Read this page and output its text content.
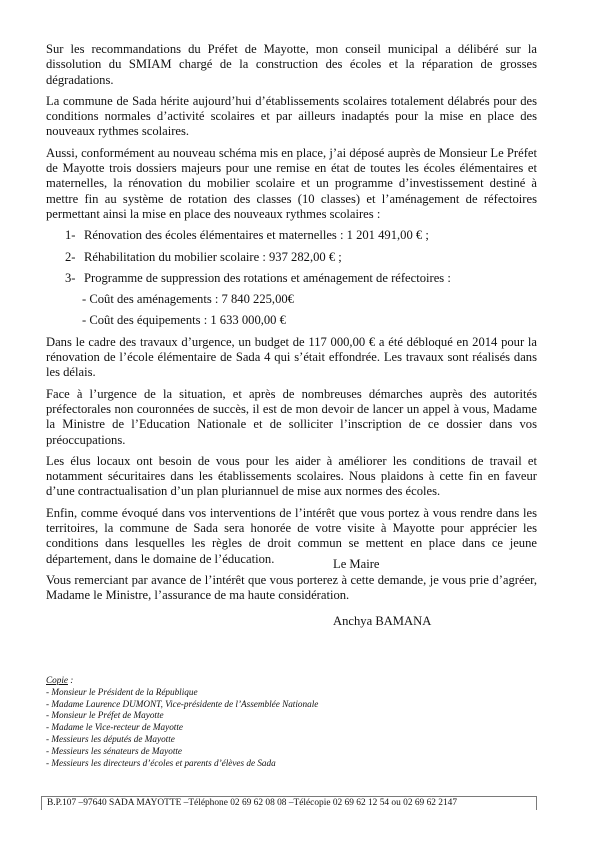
Sur les recommandations du Préfet de Mayotte, mon conseil municipal a délibéré sur la dissolution du SMIAM chargé de la construction des écoles et la réparation de grosses dégradations.

La commune de Sada hérite aujourd’hui d’établissements scolaires totalement délabrés pour des conditions normales d’activité scolaires et par ailleurs inadaptés pour la mise en place des nouveaux rythmes scolaires.

Aussi, conformément au nouveau schéma mis en place, j’ai déposé auprès de Monsieur Le Préfet de Mayotte trois dossiers majeurs pour une remise en état de toutes les écoles élémentaires et maternelles, la rénovation du mobilier scolaire et un programme d’investissement destiné à mettre fin au système de rotation des classes (10 classes) et l’aménagement de réfectoires permettant ainsi la mise en place des nouveaux rythmes scolaires :

1- Rénovation des écoles élémentaires et maternelles : 1 201 491,00 € ;
2- Réhabilitation du mobilier scolaire : 937 282,00 € ;
3- Programme de suppression des rotations et aménagement de réfectoires :
- Coût des aménagements : 7 840 225,00€
- Coût des équipements : 1 633 000,00 €

Dans le cadre des travaux d’urgence, un budget de 117 000,00 € a été débloqué en 2014 pour la rénovation de l’école élémentaire de Sada 4 qui s’était effondrée. Les travaux sont réalisés dans les délais.

Face à l’urgence de la situation, et après de nombreuses démarches auprès des autorités préfectorales non couronnées de succès, il est de mon devoir de lancer un appel à vous, Madame la Ministre de l’Education Nationale et de solliciter l’inscription de ce dossier dans vos préoccupations.

Les élus locaux ont besoin de vous pour les aider à améliorer les conditions de travail et notamment sécuritaires dans les établissements scolaires. Nous plaidons à cette fin en faveur d’une contractualisation d’un plan pluriannuel de mise aux normes des écoles.

Enfin, comme évoqué dans vos interventions de l’intérêt que vous portez à vous rendre dans les territoires, la commune de Sada sera honorée de votre visite à Mayotte pour apprécier les conditions dans lesquelles les règles de droit commun se mettent en place dans ce jeune département, dans le domaine de l’éducation.

Vous remerciant par avance de l’intérêt que vous porterez à cette demande, je vous prie d’agréer, Madame le Ministre, l’assurance de ma haute considération.

Le Maire
Anchya BAMANA
Copie :
- Monsieur le Président de la République
- Madame Laurence DUMONT, Vice-présidente de l’Assemblée Nationale
- Monsieur le Préfet de Mayotte
- Madame le Vice-recteur de Mayotte
- Messieurs les députés de Mayotte
- Messieurs les sénateurs de Mayotte
- Messieurs les directeurs d’écoles et parents d’élèves de Sada
B.P.107 –97640 SADA MAYOTTE –Téléphone 02 69 62 08 08 –Télécopie 02 69 62 12 54 ou 02 69 62 2147
